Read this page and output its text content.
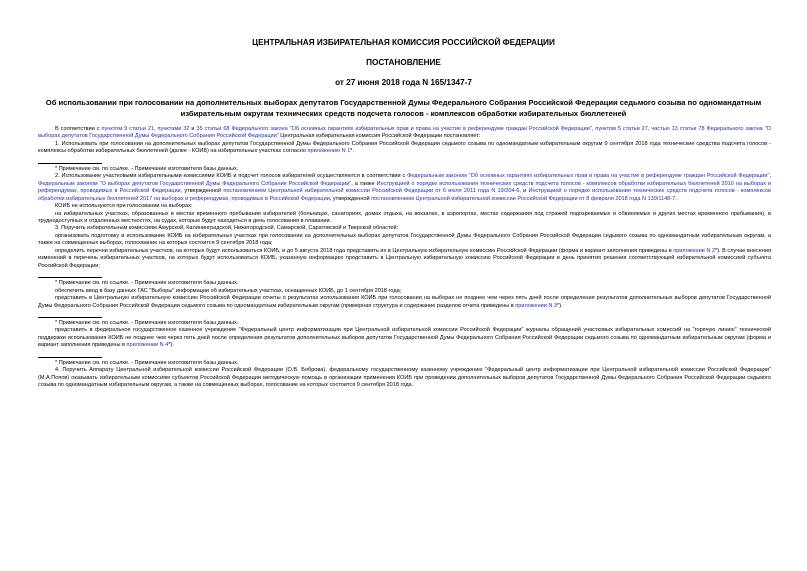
ЦЕНТРАЛЬНАЯ ИЗБИРАТЕЛЬНАЯ КОМИССИЯ РОССИЙСКОЙ ФЕДЕРАЦИИ
ПОСТАНОВЛЕНИЕ
от 27 июня 2018 года N 165/1347-7
Об использовании при голосовании на дополнительных выборах депутатов Государственной Думы Федерального Собрания Российской Федерации седьмого созыва по одномандатным избирательным округам технических средств подсчета голосов - комплексов обработки избирательных бюллетеней

В соответствии с пунктом 9 статьи 21, пунктами 32 и 35 статьи 68 Федерального закона "Об основных гарантиях избирательных прав и права на участие в референдуме граждан Российской Федерации", пунктом 5 статьи 27, частью 13 статьи 78 Федерального закона "О выборах депутатов Государственной Думы Федерального Собрания Российской Федерации" Центральная избирательная комиссия Российской Федерации постановляет:

1. Использовать при голосовании на дополнительных выборах депутатов Государственной Думы Федерального Собрания Российской Федерации седьмого созыва по одномандатным избирательным округам 9 сентября 2018 года технические средства подсчета голосов - комплексы обработки избирательных бюллетеней (далее - КОИБ) на избирательных участках согласно приложению N 1*.

* Примечание см. по ссылке. - Примечание изготовителя базы данных.

2. Использование участковыми избирательными комиссиями КОИБ и подсчет голосов избирателей осуществляются в соответствии с Федеральным законом "Об основных гарантиях избирательных прав и права на участие в референдуме граждан Российской Федерации", Федеральным законом "О выборах депутатов Государственной Думы Федерального Собрания Российской Федерации", а также Инструкцией о порядке использования технических средств подсчета голосов - комплексов обработки избирательных бюллетеней 2010 на выборах и референдумах, проводимых в Российской Федерации, утвержденной постановлением Центральной избирательной комиссии Российской Федерации от 6 июля 2011 года N 19/204-6, и Инструкцией о порядке использования технических средств подсчета голосов - комплексов обработки избирательных бюллетеней 2017 на выборах и референдумах, проводимых в Российской Федерации, утвержденной постановлением Центральной избирательной комиссии Российской Федерации от 8 февраля 2018 года N 139/1148-7.

КОИБ не используются при голосовании на выборах:

на избирательных участках, образованных в местах временного пребывания избирателей (больницах, санаториях, домах отдыха, на вокзалах, в аэропортах, местах содержания под стражей подозреваемых и обвиняемых и других местах временного пребывания), в труднодоступных и отдаленных местностях, на судах, которые будут находиться в день голосования в плавании.

3. Поручить избирательным комиссиям Амурской, Калининградской, Нижегородской, Самарской, Саратовской и Тверской областей:

организовать подготовку и использование КОИБ на избирательных участках при голосовании на дополнительных выборах депутатов Государственной Думы Федерального Собрания Российской Федерации седьмого созыва по одномандатным избирательным округам, а также на совмещенных выборах, голосование на которых состоится 9 сентября 2018 года;

определить перечни избирательных участков, на которых будут использоваться КОИБ, и до 5 августа 2018 года представить их в Центральную избирательную комиссию Российской Федерации (форма и вариант заполнения приведены в приложении N 2*). В случае внесения изменений в перечень избирательных участков, на которых будут использоваться КОИБ, указанную информацию представить в Центральную избирательную комиссию Российской Федерации в день принятия решения соответствующей избирательной комиссией субъекта Российской Федерации;

* Примечание см. по ссылке. - Примечание изготовителя базы данных.

обеспечить ввод в базу данных ГАС "Выборы" информации об избирательных участках, оснащенных КОИБ, до 1 сентября 2018 года;

представить в Центральную избирательную комиссию Российской Федерации отчеты о результатах использования КОИБ при голосовании на выборах не позднее чем через пять дней после определения результатов дополнительных выборов депутатов Государственной Думы Федерального Собрания Российской Федерации седьмого созыва по одномандатным избирательным округам (примерная структура и содержание разделов отчета приведены в приложении N 3*).

* Примечание см. по ссылке. - Примечание изготовителя базы данных.

представить в федеральное государственное казенное учреждение "Федеральный центр информатизации при Центральной избирательной комиссии Российской Федерации" журналы обращений участковых избирательных комиссий на "горячую линию" технической поддержки использования КОИБ не позднее чем через пять дней после определения результатов дополнительных выборов депутатов Государственной Думы Федерального Собрания Российской Федерации седьмого созыва по одномандатным избирательным округам (форма и вариант заполнения приведены в приложении N 4*).

* Примечание см. по ссылке. - Примечание изготовителя базы данных.

4. Поручить Аппарату Центральной избирательной комиссии Российской Федерации (О.В. Боброва), федеральному государственному казенному учреждению "Федеральный центр информатизации при Центральной избирательной комиссии Российской Федерации" (М.А.Попов) оказывать избирательным комиссиям субъектов Российской Федерации методическую помощь в организации применения КОИБ при проведении дополнительных выборов депутатов Государственной Думы Федерального Собрания Российской Федерации седьмого созыва по одномандатным избирательным округам, а также на совмещенных выборах, голосование на которых состоится 9 сентября 2018 года.
